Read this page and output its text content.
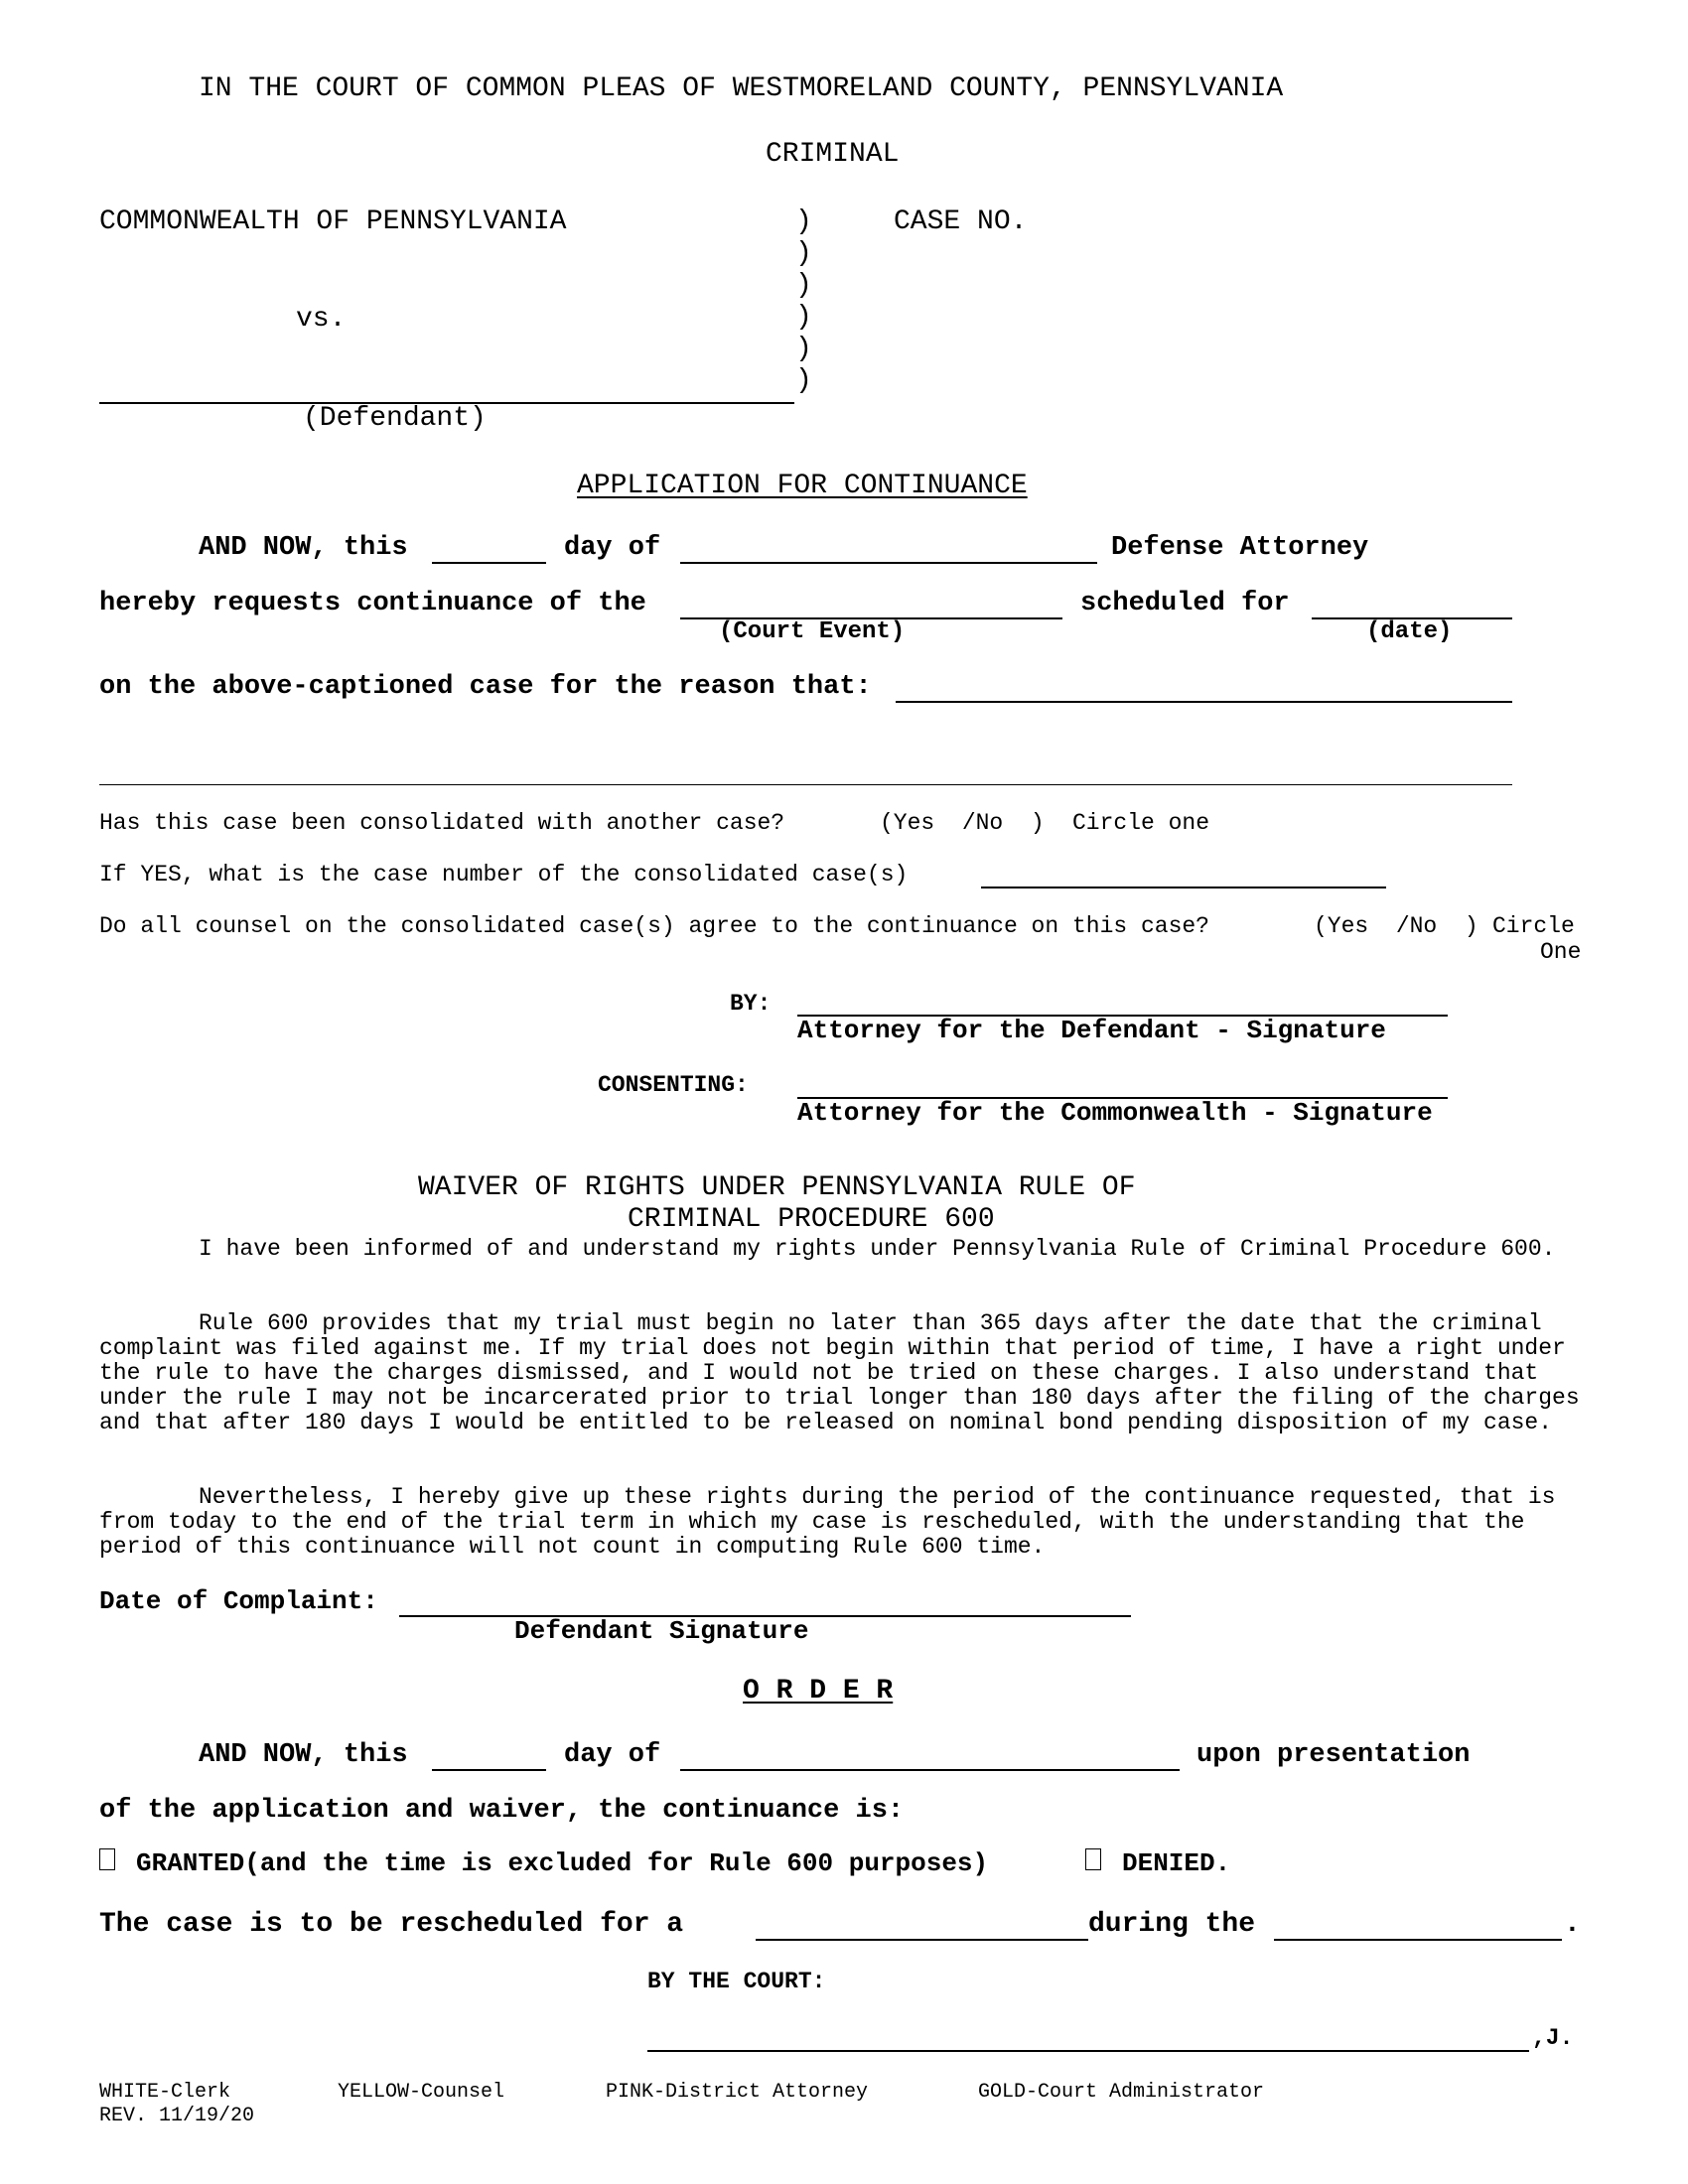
IN THE COURT OF COMMON PLEAS OF WESTMORELAND COUNTY, PENNSYLVANIA
CRIMINAL
COMMONWEALTH OF PENNSYLVANIA	CASE NO.
)
)
)
)
)
)
vs.
(Defendant)
APPLICATION FOR CONTINUANCE
AND NOW, this	day of	Defense Attorney
hereby requests continuance of the
(Court Event)
scheduled for
(date)
on the above-captioned case for the reason that:
Has this case been consolidated with another case?	(Yes  /No  ) Circle one
If YES, what is the case number of the consolidated case(s)
Do all counsel on the consolidated case(s) agree to the continuance on this case?	(Yes  /No  ) Circle
One
BY:
Attorney for the Defendant - Signature
CONSENTING:
Attorney for the Commonwealth - Signature
WAIVER OF RIGHTS UNDER PENNSYLVANIA RULE OF
CRIMINAL PROCEDURE 600
I have been informed of and understand my rights under Pennsylvania Rule of Criminal Procedure 600.
Rule 600 provides that my trial must begin no later than 365 days after the date that the criminal complaint was filed against me. If my trial does not begin within that period of time, I have a right under the rule to have the charges dismissed, and I would not be tried on these charges. I also understand that under the rule I may not be incarcerated prior to trial longer than 180 days after the filing of the charges and that after 180 days I would be entitled to be released on nominal bond pending disposition of my case.
Nevertheless, I hereby give up these rights during the period of the continuance requested, that is from today to the end of the trial term in which my case is rescheduled, with the understanding that the period of this continuance will not count in computing Rule 600 time.
Date of Complaint:
Defendant Signature
O R D E R
AND NOW, this	day of	upon presentation
of the application and waiver, the continuance is:
GRANTED(and the time is excluded for Rule 600 purposes)	DENIED.
The case is to be rescheduled for a	during the	.
BY THE COURT:
,J.
WHITE-Clerk	YELLOW-Counsel	PINK-District Attorney	GOLD-Court Administrator
REV. 11/19/20
